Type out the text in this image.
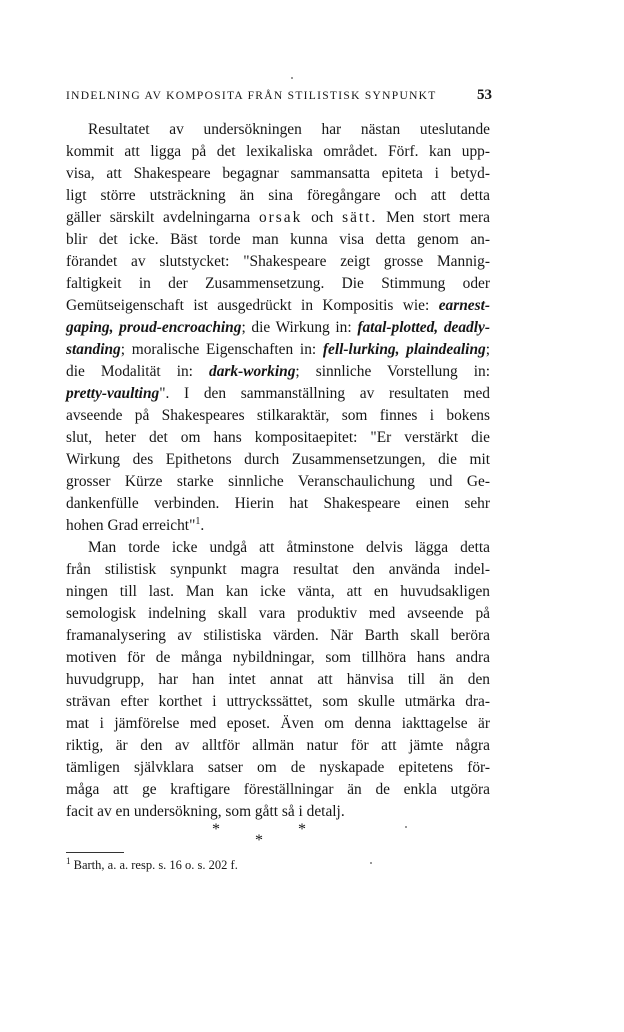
INDELNING AV KOMPOSITA FRÅN STILISTISK SYNPUNKT	53
Resultatet av undersökningen har nästan uteslutande
kommit att ligga på det lexikaliska området. Förf. kan upp-
visa, att Shakespeare begagnar sammansatta epiteta i betyd-
ligt större utsträckning än sina föregångare och att detta
gäller särskilt avdelningarna orsak och sätt. Men stort mera
blir det icke. Bäst torde man kunna visa detta genom an-
förandet av slutstycket: "Shakespeare zeigt grosse Mannig-
faltigkeit in der Zusammensetzung. Die Stimmung oder
Gemütseigenschaft ist ausgedrückt in Kompositis wie: earnest-
gaping, proud-encroaching; die Wirkung in: fatal-plotted, deadly-
standing; moralische Eigenschaften in: fell-lurking, plaindealing;
die Modalität in: dark-working; sinnliche Vorstellung in:
pretty-vaulting". I den sammanställning av resultaten med
avseende på Shakespeares stilkaraktär, som finnes i bokens
slut, heter det om hans kompositaepitet: "Er verstärkt die
Wirkung des Epithetons durch Zusammensetzungen, die mit
grosser Kürze starke sinnliche Veranschaulichung und Ge-
dankenfülle verbinden. Hierin hat Shakespeare einen sehr
hohen Grad erreicht"$^1$.
Man torde icke undgå att åtminstone delvis lägga detta
från stilistisk synpunkt magra resultat den använda indel-
ningen till last. Man kan icke vänta, att en huvudsakligen
semologisk indelning skall vara produktiv med avseende på
framanalysering av stilistiska värden. När Barth skall beröra
motiven för de många nybildningar, som tillhöra hans andra
huvudgrupp, har han intet annat att hänvisa till än den
strävan efter korthet i uttryckssättet, som skulle utmärka dra-
mat i jämförelse med eposet. Även om denna iakttagelse är
riktig, är den av alltför allmän natur för att jämte några
tämligen självklara satser om de nyskapade epitetens för-
måga att ge kraftigare föreställningar än de enkla utgöra
facit av en undersökning, som gått så i detalj.
*	*
*
$^1$ Barth, a. a. resp. s. 16 o. s. 202 f.
